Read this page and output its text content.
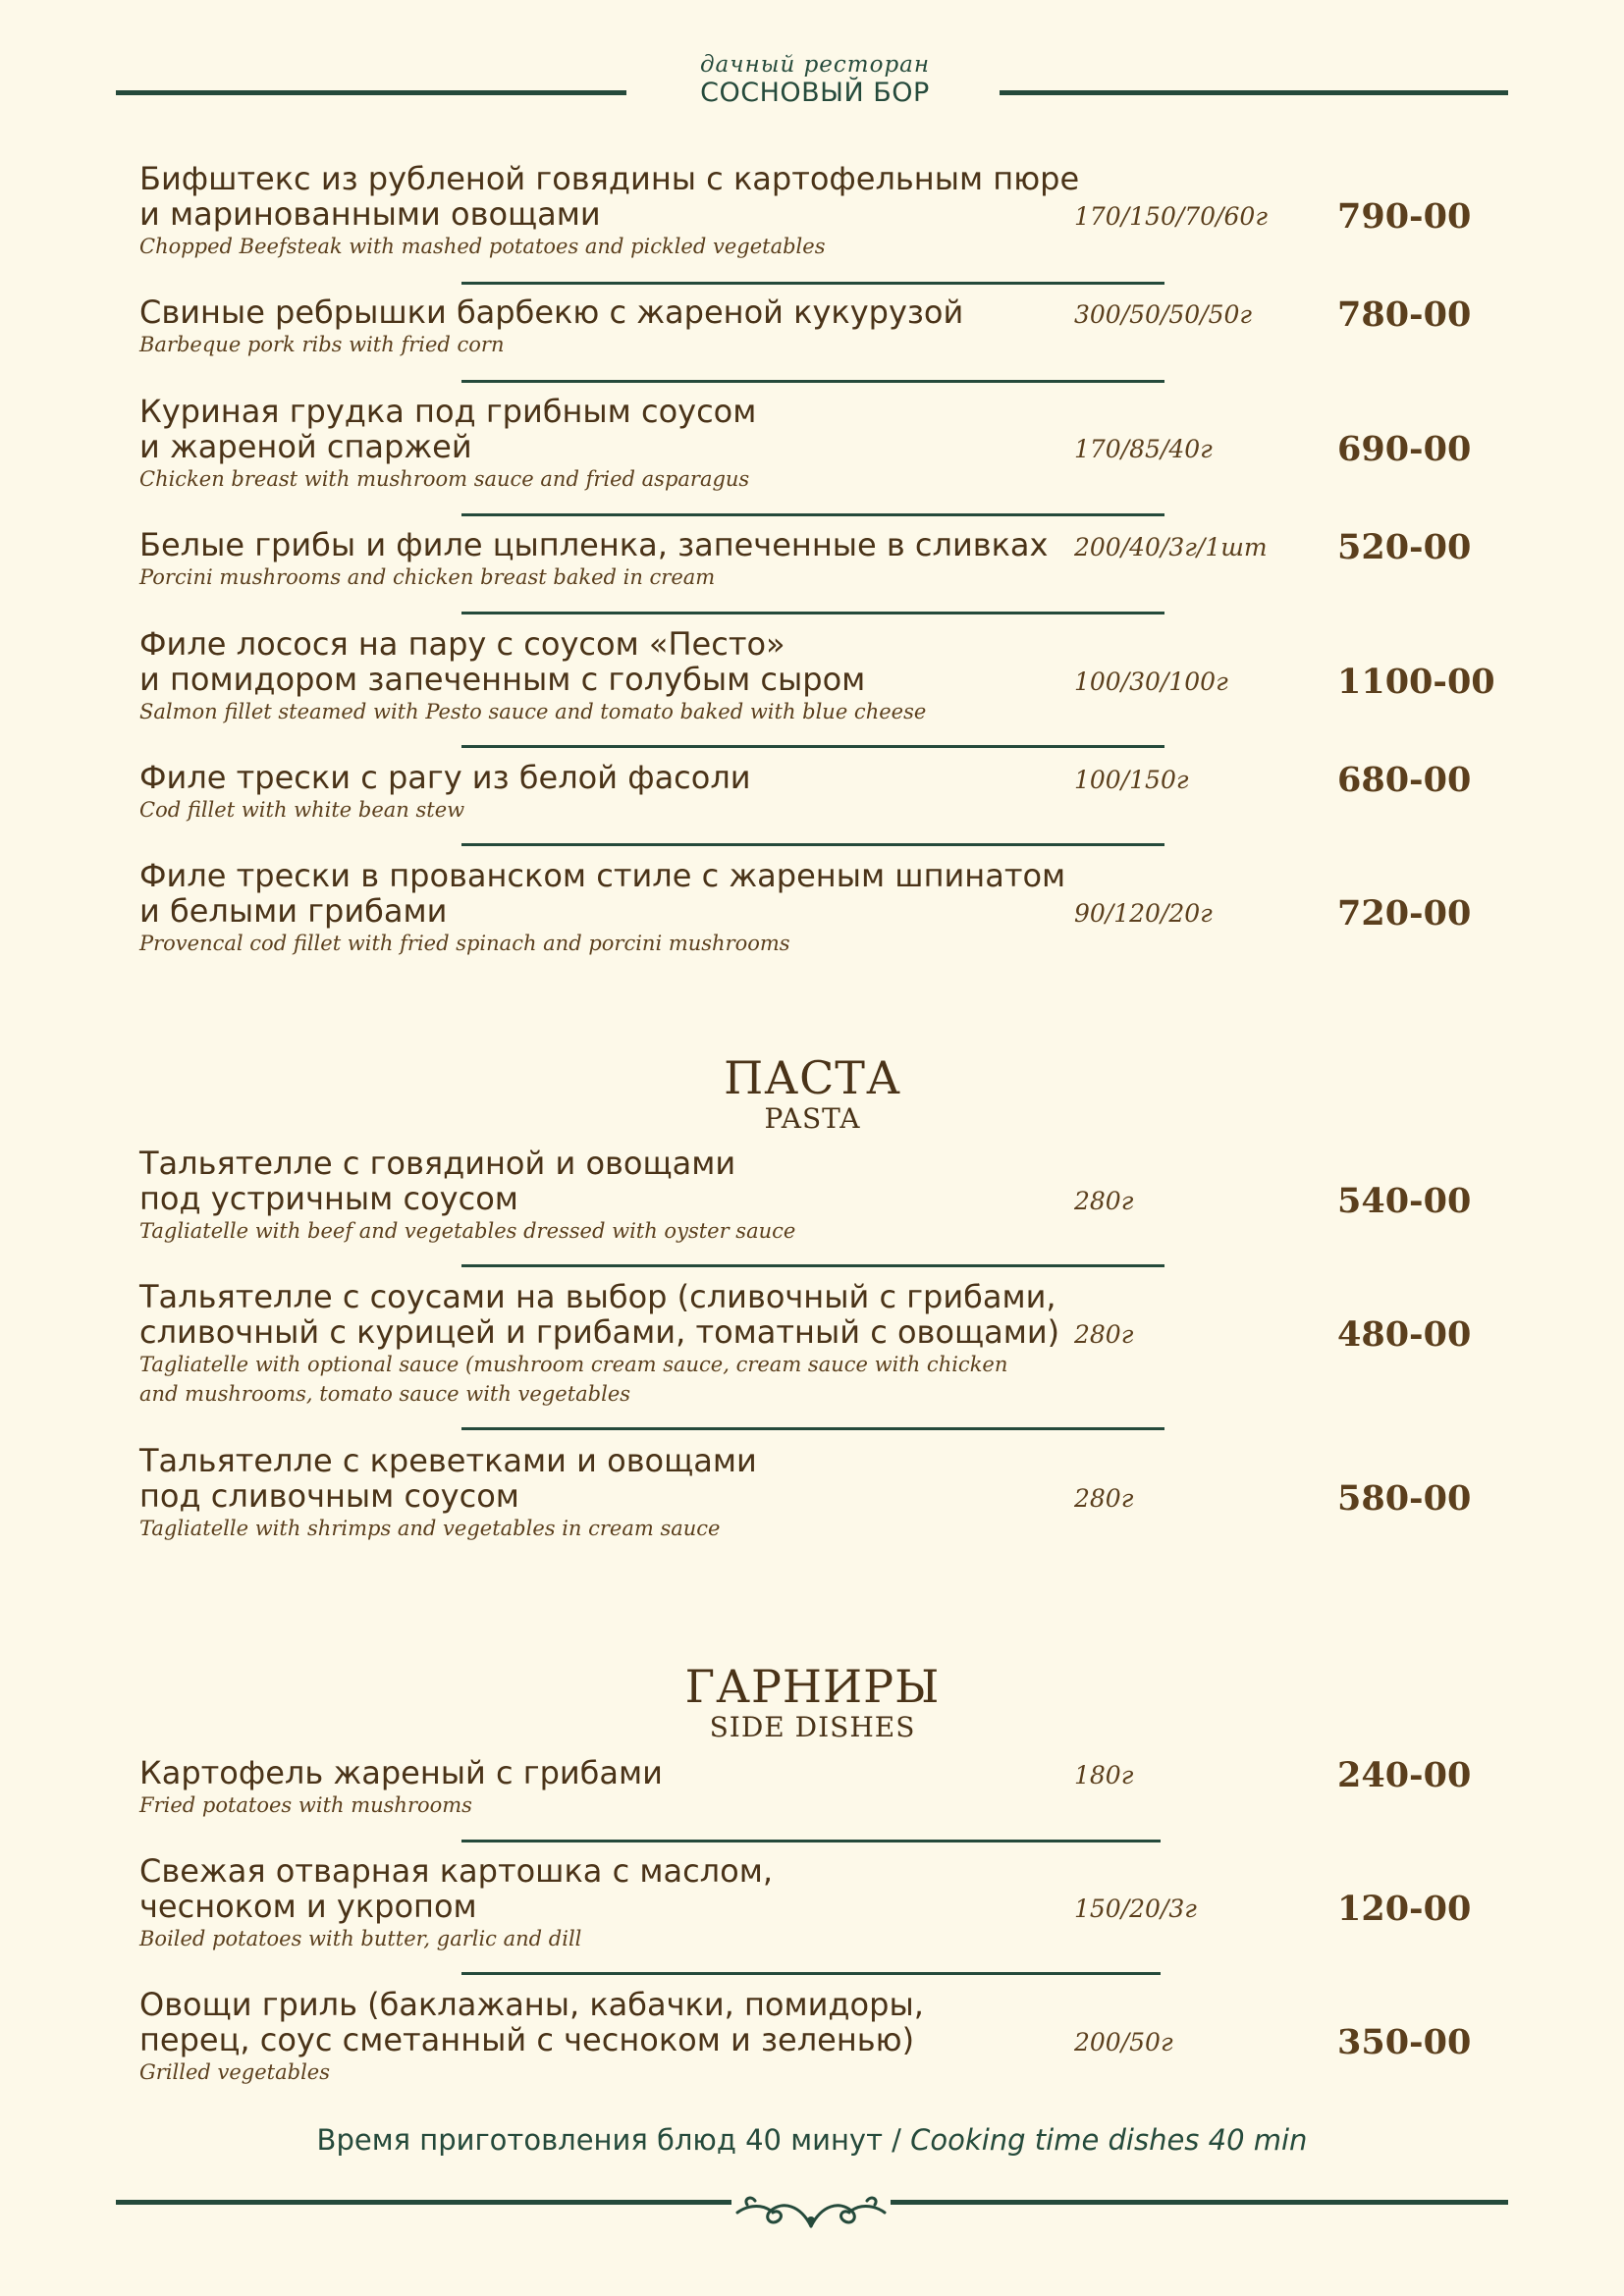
дачный ресторан
СОСНОВЫЙ БОР
Бифштекс из рубленой говядины с картофельным пюре
и маринованными овощами
Chopped Beefsteak with mashed potatoes and pickled vegetables
170/150/70/60г 790-00
Свиные ребрышки барбекю с жареной кукурузой
Barbeque pork ribs with fried corn
300/50/50/50г 780-00
Куриная грудка под грибным соусом
и жареной спаржей
Chicken breast with mushroom sauce and fried asparagus
170/85/40г	690-00
Белые грибы и филе цыпленка, запеченные в сливках
Porcini mushrooms and chicken breast baked in cream
200/40/3г/1шт 520-00
Филе лосося на пару с соусом «Песто»
и помидором запеченным с голубым сыром
Salmon fillet steamed with Pesto sauce and tomato baked with blue cheese
100/30/100г	1100-00
Филе трески с рагу из белой фасоли
Cod fillet with white bean stew
100/150г	680-00
Филе трески в прованском стиле с жареным шпинатом
и белыми грибами
Provencal cod fillet with fried spinach and porcini mushrooms
90/120/20г	720-00
ПАСТА
PASTA
Тальятелле с говядиной и овощами
под устричным соусом
Tagliatelle with beef and vegetables dressed with oyster sauce
280г	540-00
Тальятелле с соусами на выбор (сливочный с грибами,
сливочный с курицей и грибами, томатный с овощами)
Tagliatelle with optional sauce (mushroom cream sauce, cream sauce with chicken
and mushrooms, tomato sauce with vegetables
280г	480-00
Тальятелле с креветками и овощами
под сливочным соусом
Tagliatelle with shrimps and vegetables in cream sauce
280г	580-00
ГАРНИРЫ
SIDE DISHES
Картофель жареный с грибами
Fried potatoes with mushrooms
180г	240-00
Свежая отварная картошка с маслом,
чесноком и укропом
Boiled potatoes with butter, garlic and dill
150/20/3г	120-00
Овощи гриль (баклажаны, кабачки, помидоры,
перец, соус сметанный с чесноком и зеленью)
Grilled vegetables
200/50г	350-00
Время приготовления блюд 40 минут / Cooking time dishes 40 min
